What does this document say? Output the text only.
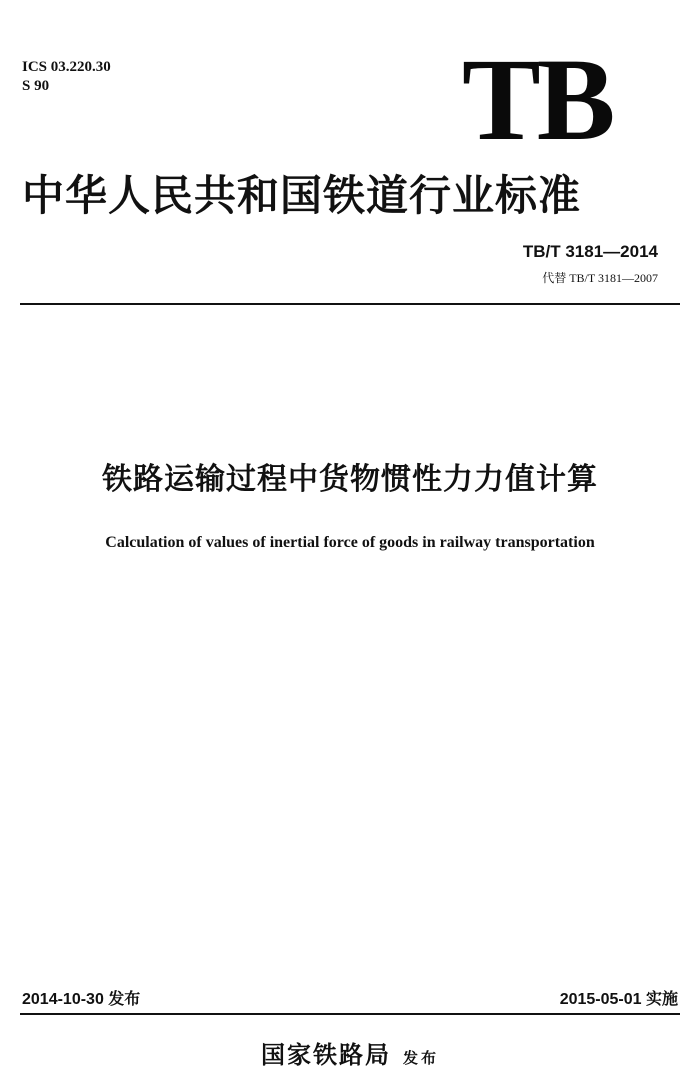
ICS 03.220.30
S 90	TB
中华人民共和国铁道行业标准
TB/T 3181—2014
代替 TB/T 3181—2007
铁路运输过程中货物惯性力力值计算
Calculation of values of inertial force of goods in railway transportation
2014-10-30 发布	2015-05-01 实施
国家铁路局 发布
